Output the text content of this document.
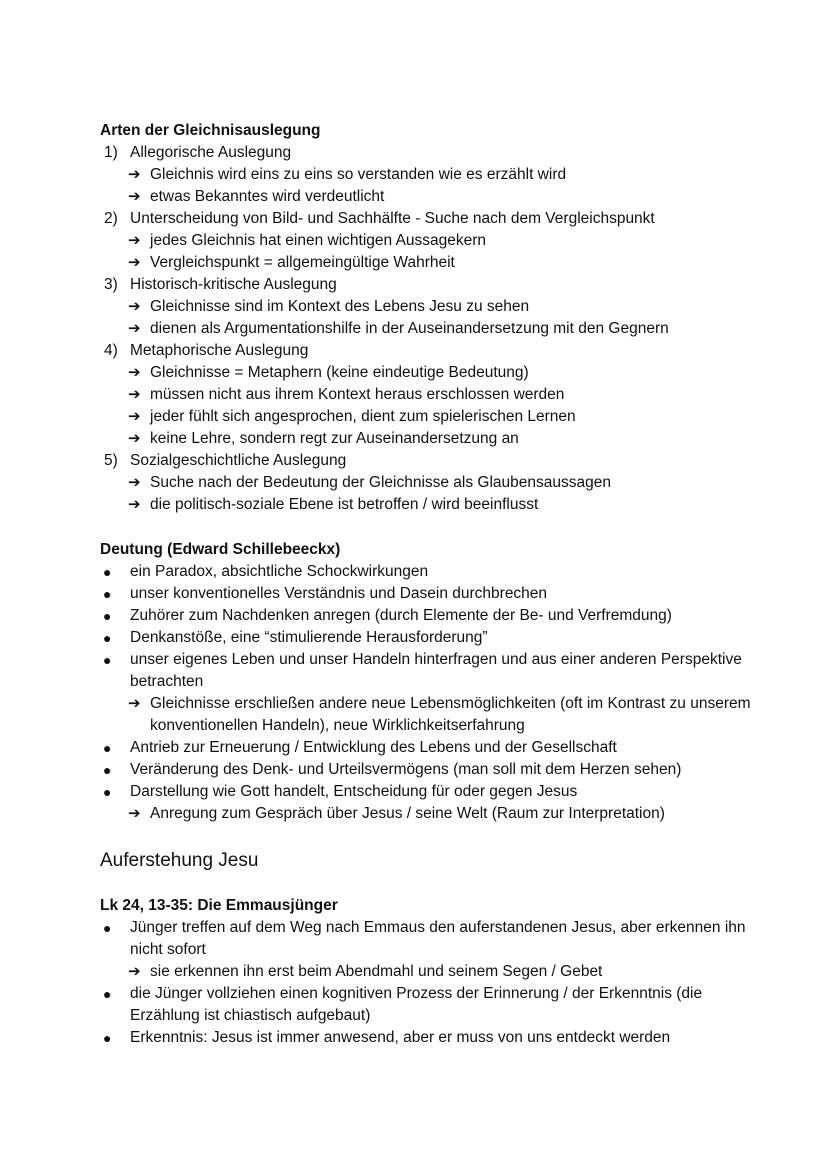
Arten der Gleichnisauslegung
1) Allegorische Auslegung
➔ Gleichnis wird eins zu eins so verstanden wie es erzählt wird
➔ etwas Bekanntes wird verdeutlicht
2) Unterscheidung von Bild- und Sachhälfte - Suche nach dem Vergleichspunkt
➔ jedes Gleichnis hat einen wichtigen Aussagekern
➔ Vergleichspunkt = allgemeingültige Wahrheit
3) Historisch-kritische Auslegung
➔ Gleichnisse sind im Kontext des Lebens Jesu zu sehen
➔ dienen als Argumentationshilfe in der Auseinandersetzung mit den Gegnern
4) Metaphorische Auslegung
➔ Gleichnisse = Metaphern (keine eindeutige Bedeutung)
➔ müssen nicht aus ihrem Kontext heraus erschlossen werden
➔ jeder fühlt sich angesprochen, dient zum spielerischen Lernen
➔ keine Lehre, sondern regt zur Auseinandersetzung an
5) Sozialgeschichtliche Auslegung
➔ Suche nach der Bedeutung der Gleichnisse als Glaubensaussagen
➔ die politisch-soziale Ebene ist betroffen / wird beeinflusst
Deutung (Edward Schillebeeckx)
● ein Paradox, absichtliche Schockwirkungen
● unser konventionelles Verständnis und Dasein durchbrechen
● Zuhörer zum Nachdenken anregen (durch Elemente der Be- und Verfremdung)
● Denkanstöße, eine “stimulierende Herausforderung”
● unser eigenes Leben und unser Handeln hinterfragen und aus einer anderen Perspektive betrachten
➔ Gleichnisse erschließen andere neue Lebensmöglichkeiten (oft im Kontrast zu unserem konventionellen Handeln), neue Wirklichkeitserfahrung
● Antrieb zur Erneuerung / Entwicklung des Lebens und der Gesellschaft
● Veränderung des Denk- und Urteilsvermögens (man soll mit dem Herzen sehen)
● Darstellung wie Gott handelt, Entscheidung für oder gegen Jesus
➔ Anregung zum Gespräch über Jesus / seine Welt (Raum zur Interpretation)
Auferstehung Jesu
Lk 24, 13-35: Die Emmausjünger
● Jünger treffen auf dem Weg nach Emmaus den auferstandenen Jesus, aber erkennen ihn nicht sofort
➔ sie erkennen ihn erst beim Abendmahl und seinem Segen / Gebet
● die Jünger vollziehen einen kognitiven Prozess der Erinnerung / der Erkenntnis (die Erzählung ist chiastisch aufgebaut)
● Erkenntnis: Jesus ist immer anwesend, aber er muss von uns entdeckt werden
